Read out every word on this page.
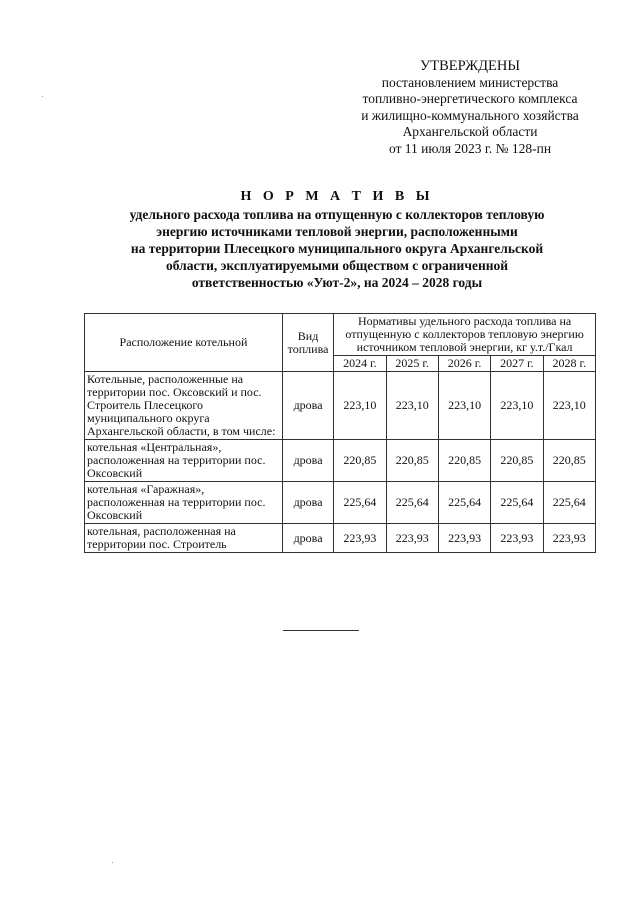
УТВЕРЖДЕНЫ
постановлением министерства
топливно-энергетического комплекса
и жилищно-коммунального хозяйства
Архангельской области
от 11 июля 2023 г. № 128-пн
Н О Р М А Т И В Ы
удельного расхода топлива на отпущенную с коллекторов тепловую
энергию источниками тепловой энергии, расположенными
на территории Плесецкого муниципального округа Архангельской
области, эксплуатируемыми обществом с ограниченной
ответственностью «Уют-2», на 2024 – 2028 годы
Расположение котельной	Вид топлива	Нормативы удельного расхода топлива на отпущенную с коллекторов тепловую энергию источником тепловой энергии, кг у.т./Гкал				
		2024 г.	2025 г.	2026 г.	2027 г.	2028 г.
Котельные, расположенные на территории пос. Оксовский и пос. Строитель Плесецкого муниципального округа Архангельской области, в том числе:	дрова	223,10	223,10	223,10	223,10	223,10
котельная «Центральная», расположенная на территории пос. Оксовский	дрова	220,85	220,85	220,85	220,85	220,85
котельная «Гаражная», расположенная на территории пос. Оксовский	дрова	225,64	225,64	225,64	225,64	225,64
котельная, расположенная на территории пос. Строитель	дрова	223,93	223,93	223,93	223,93	223,93
